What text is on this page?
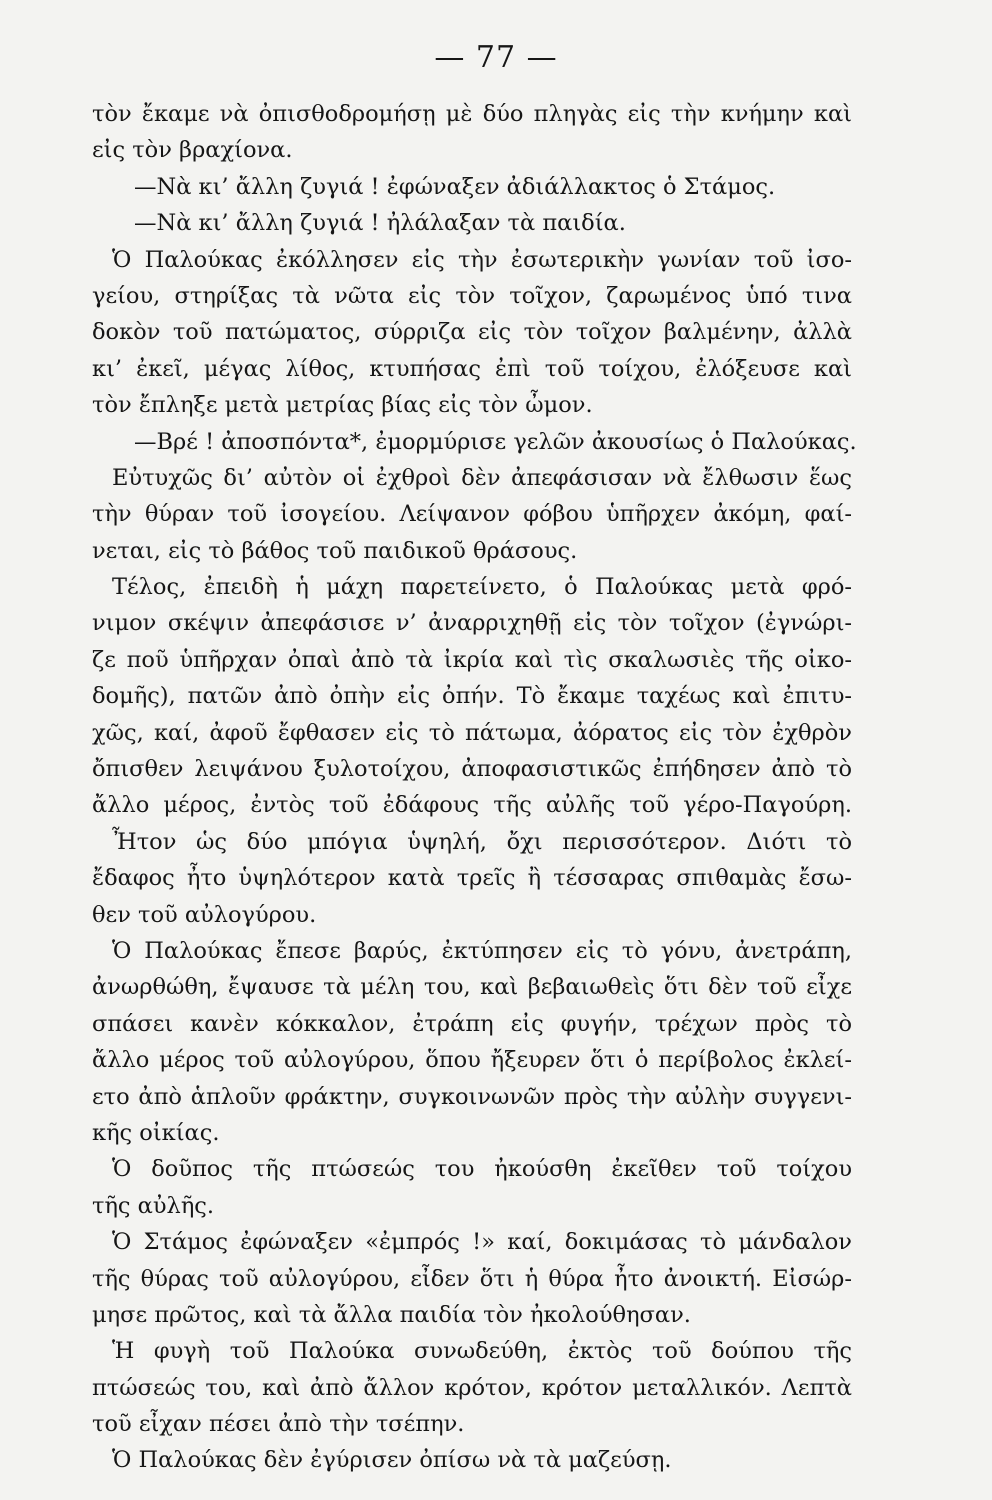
— 77 —
τὸν ἔκαμε νὰ ὀπισθοδρομήσῃ μὲ δύο πληγὰς εἰς τὴν κνήμην καὶ
εἰς τὸν βραχίονα.
—Νὰ κι’ ἄλλη ζυγιά ! ἐφώναξεν ἀδιάλλακτος ὁ Στάμος.
—Νὰ κι’ ἄλλη ζυγιά ! ἠλάλαξαν τὰ παιδία.
Ὁ Παλούκας ἐκόλλησεν εἰς τὴν ἐσωτερικὴν γωνίαν τοῦ ἰσο-
γείου, στηρίξας τὰ νῶτα εἰς τὸν τοῖχον, ζαρωμένος ὑπό τινα
δοκὸν τοῦ πατώματος, σύρριζα εἰς τὸν τοῖχον βαλμένην, ἀλλὰ
κι’ ἐκεῖ, μέγας λίθος, κτυπήσας ἐπὶ τοῦ τοίχου, ἐλόξευσε καὶ
τὸν ἔπληξε μετὰ μετρίας βίας εἰς τὸν ὦμον.
—Βρέ ! ἀποσπόντα*, ἐμορμύρισε γελῶν ἀκουσίως ὁ Παλούκας.
Εὐτυχῶς δι’ αὐτὸν οἱ ἐχθροὶ δὲν ἀπεφάσισαν νὰ ἔλθωσιν ἕως
τὴν θύραν τοῦ ἰσογείου. Λείψανον φόβου ὑπῆρχεν ἀκόμη, φαί-
νεται, εἰς τὸ βάθος τοῦ παιδικοῦ θράσους.
Τέλος, ἐπειδὴ ἡ μάχη παρετείνετο, ὁ Παλούκας μετὰ φρό-
νιμον σκέψιν ἀπεφάσισε ν’ ἀναρριχηθῇ εἰς τὸν τοῖχον (ἐγνώρι-
ζε ποῦ ὑπῆρχαν ὀπαὶ ἀπὸ τὰ ἰκρία καὶ τὶς σκαλωσιὲς τῆς οἰκο-
δομῆς), πατῶν ἀπὸ ὀπὴν εἰς ὀπήν. Τὸ ἔκαμε ταχέως καὶ ἐπιτυ-
χῶς, καί, ἀφοῦ ἔφθασεν εἰς τὸ πάτωμα, ἀόρατος εἰς τὸν ἐχθρὸν
ὄπισθεν λειψάνου ξυλοτοίχου, ἀποφασιστικῶς ἐπήδησεν ἀπὸ τὸ
ἄλλο μέρος, ἐντὸς τοῦ ἐδάφους τῆς αὐλῆς τοῦ γέρο-Παγούρη.
Ἦτον ὡς δύο μπόγια ὑψηλή, ὄχι περισσότερον. Διότι τὸ
ἔδαφος ἦτο ὑψηλότερον κατὰ τρεῖς ἢ τέσσαρας σπιθαμὰς ἔσω-
θεν τοῦ αὐλογύρου.
Ὁ Παλούκας ἔπεσε βαρύς, ἐκτύπησεν εἰς τὸ γόνυ, ἀνετράπη,
ἀνωρθώθη, ἔψαυσε τὰ μέλη του, καὶ βεβαιωθεὶς ὅτι δὲν τοῦ εἶχε
σπάσει κανὲν κόκκαλον, ἐτράπη εἰς φυγήν, τρέχων πρὸς τὸ
ἄλλο μέρος τοῦ αὐλογύρου, ὅπου ἤξευρεν ὅτι ὁ περίβολος ἐκλεί-
ετο ἀπὸ ἁπλοῦν φράκτην, συγκοινωνῶν πρὸς τὴν αὐλὴν συγγενι-
κῆς οἰκίας.
Ὁ δοῦπος τῆς πτώσεώς του ἠκούσθη ἐκεῖθεν τοῦ τοίχου
τῆς αὐλῆς.
Ὁ Στάμος ἐφώναξεν «ἐμπρός !» καί, δοκιμάσας τὸ μάνδαλον
τῆς θύρας τοῦ αὐλογύρου, εἶδεν ὅτι ἡ θύρα ἦτο ἀνοικτή. Εἰσώρ-
μησε πρῶτος, καὶ τὰ ἄλλα παιδία τὸν ἠκολούθησαν.
Ἡ φυγὴ τοῦ Παλούκα συνωδεύθη, ἐκτὸς τοῦ δούπου τῆς
πτώσεώς του, καὶ ἀπὸ ἄλλον κρότον, κρότον μεταλλικόν. Λεπτὰ
τοῦ εἶχαν πέσει ἀπὸ τὴν τσέπην.
Ὁ Παλούκας δὲν ἐγύρισεν ὀπίσω νὰ τὰ μαζεύσῃ.
